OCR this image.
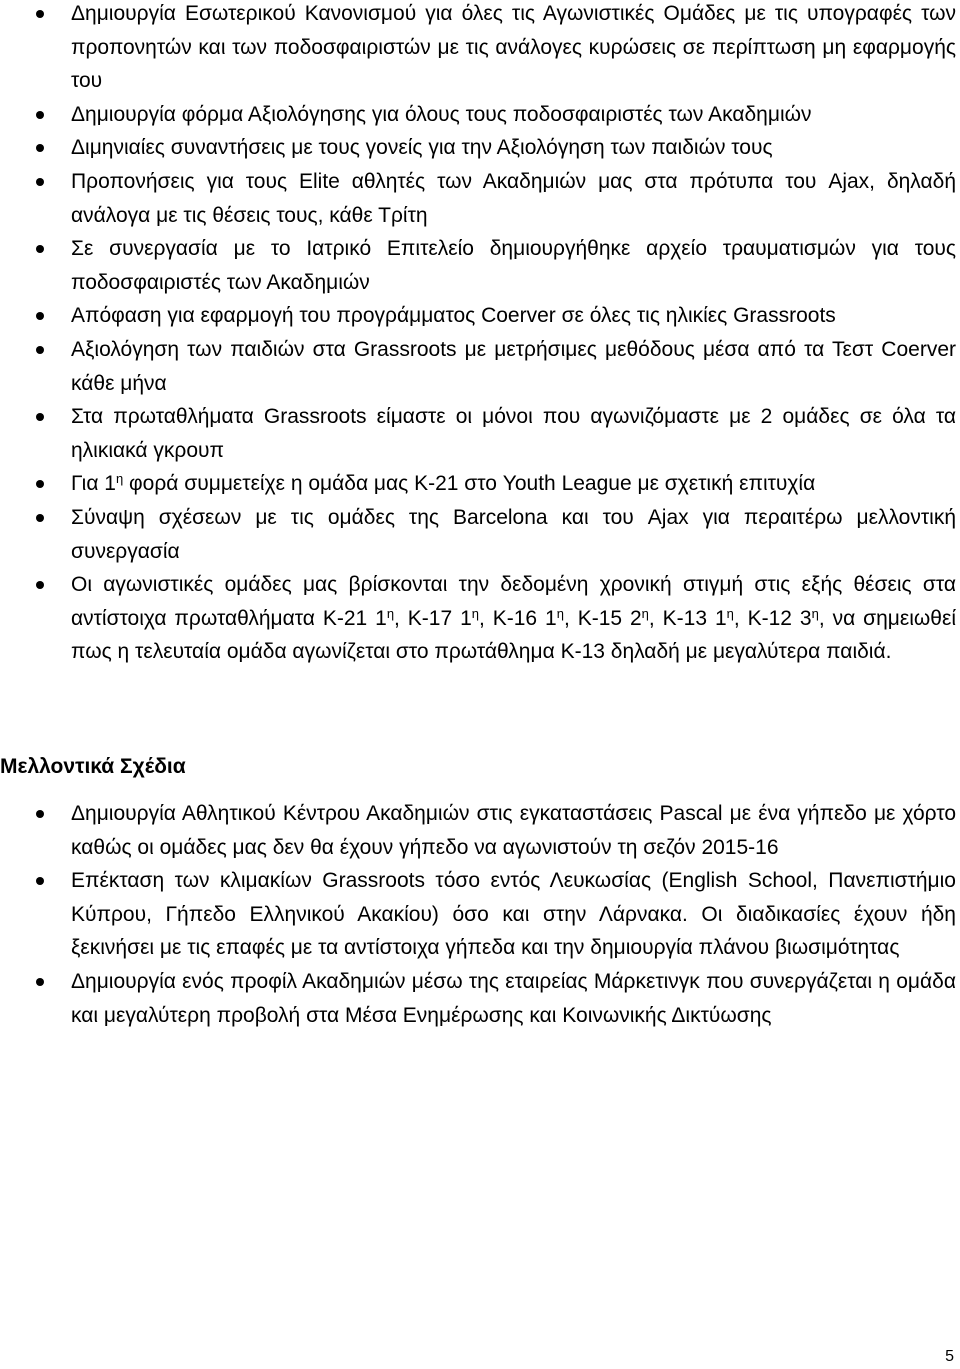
Δημιουργία Εσωτερικού Κανονισμού για όλες τις Αγωνιστικές Ομάδες με τις υπογραφές των προπονητών και των ποδοσφαιριστών με τις ανάλογες κυρώσεις σε περίπτωση μη εφαρμογής του
Δημιουργία φόρμα Αξιολόγησης για όλους τους ποδοσφαιριστές των Ακαδημιών
Διμηνιαίες συναντήσεις με τους γονείς για την Αξιολόγηση των παιδιών τους
Προπονήσεις για τους Elite αθλητές των Ακαδημιών μας στα πρότυπα του Ajax, δηλαδή ανάλογα με τις θέσεις τους, κάθε Τρίτη
Σε συνεργασία με το Ιατρικό Επιτελείο δημιουργήθηκε αρχείο τραυματισμών για τους ποδοσφαιριστές των Ακαδημιών
Απόφαση για εφαρμογή του προγράμματος Coerver σε όλες τις ηλικίες Grassroots
Αξιολόγηση των παιδιών στα Grassroots με μετρήσιμες μεθόδους μέσα από τα Τεστ Coerver κάθε μήνα
Στα πρωταθλήματα Grassroots είμαστε οι μόνοι που αγωνιζόμαστε με 2 ομάδες σε όλα τα ηλικιακά γκρουπ
Για $1^\eta$ φορά συμμετείχε η ομάδα μας Κ-21 στο Youth League με σχετική επιτυχία
Σύναψη σχέσεων με τις ομάδες της Barcelona και του Ajax για περαιτέρω μελλοντική συνεργασία
Οι αγωνιστικές ομάδες μας βρίσκονται την δεδομένη χρονική στιγμή στις εξής θέσεις στα αντίστοιχα πρωταθλήματα Κ-21 $1^\eta$, Κ-17 $1^\eta$, Κ-16 $1^\eta$, Κ-15 $2^\eta$, Κ-13 $1^\eta$, Κ-12 $3^\eta$, να σημειωθεί πως η τελευταία ομάδα αγωνίζεται στο πρωτάθλημα Κ-13 δηλαδή με μεγαλύτερα παιδιά.
Μελλοντικά Σχέδια
Δημιουργία Αθλητικού Κέντρου Ακαδημιών στις εγκαταστάσεις Pascal με ένα γήπεδο με χόρτο καθώς οι ομάδες μας δεν θα έχουν γήπεδο να αγωνιστούν τη σεζόν 2015-16
Επέκταση των κλιμακίων Grassroots τόσο εντός Λευκωσίας (English School, Πανεπιστήμιο Κύπρου, Γήπεδο Ελληνικού Ακακίου) όσο και στην Λάρνακα. Οι διαδικασίες έχουν ήδη ξεκινήσει με τις επαφές με τα αντίστοιχα γήπεδα και την δημιουργία πλάνου βιωσιμότητας
Δημιουργία ενός προφίλ Ακαδημιών μέσω της εταιρείας Μάρκετινγκ που συνεργάζεται η ομάδα και μεγαλύτερη προβολή στα Μέσα Ενημέρωσης και Κοινωνικής Δικτύωσης
5
